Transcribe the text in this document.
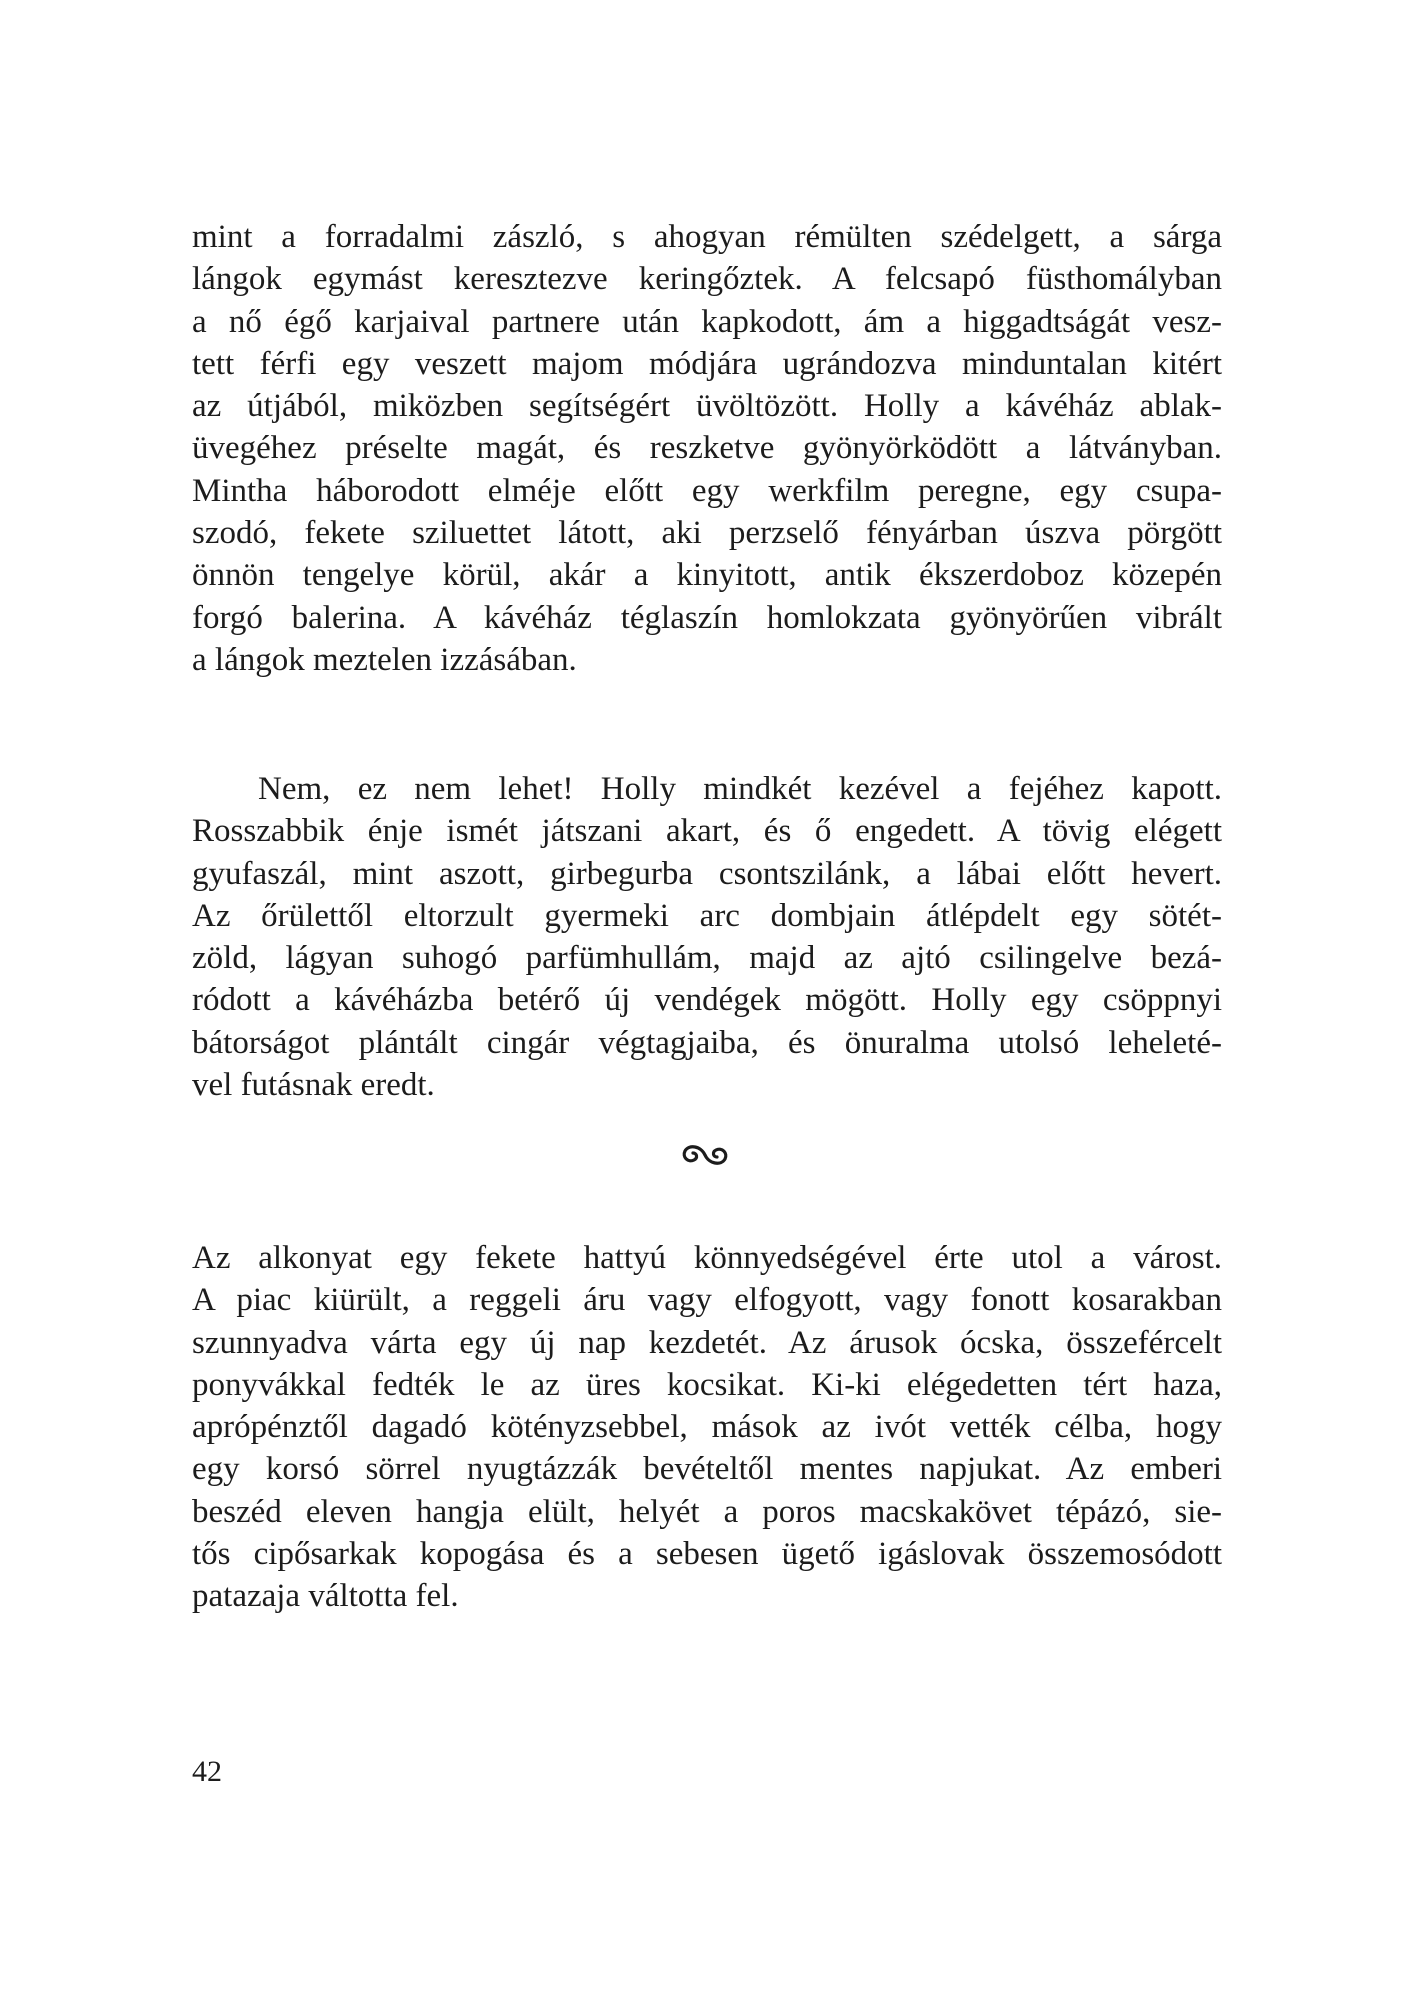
mint a forradalmi zászló, s ahogyan rémülten szédelgett, a sárga

lángok egymást keresztezve keringőztek. A felcsapó füsthomályban

a nő égő karjaival partnere után kapkodott, ám a higgadtságát vesz-

tett férfi egy veszett majom módjára ugrándozva minduntalan kitért

az útjából, miközben segítségért üvöltözött. Holly a kávéház ablak-

üvegéhez préselte magát, és reszketve gyönyörködött a látványban.

Mintha háborodott elméje előtt egy werkfilm peregne, egy csupa-

szodó, fekete sziluettet látott, aki perzselő fényárban úszva pörgött

önnön tengelye körül, akár a kinyitott, antik ékszerdoboz közepén

forgó balerina. A kávéház téglaszín homlokzata gyönyörűen vibrált

a lángok meztelen izzásában.

Nem, ez nem lehet! Holly mindkét kezével a fejéhez kapott.

Rosszabbik énje ismét játszani akart, és ő engedett. A tövig elégett

gyufaszál, mint aszott, girbegurba csontszilánk, a lábai előtt hevert.

Az őrülettől eltorzult gyermeki arc dombjain átlépdelt egy sötét-

zöld, lágyan suhogó parfümhullám, majd az ajtó csilingelve bezá-

ródott a kávéházba betérő új vendégek mögött. Holly egy csöppnyi

bátorságot plántált cingár végtagjaiba, és önuralma utolsó leheleté-

vel futásnak eredt.

Az alkonyat egy fekete hattyú könnyedségével érte utol a várost.

A piac kiürült, a reggeli áru vagy elfogyott, vagy fonott kosarakban

szunnyadva várta egy új nap kezdetét. Az árusok ócska, összefércelt

ponyvákkal fedték le az üres kocsikat. Ki-ki elégedetten tért haza,

aprópénztől dagadó kötényzsebbel, mások az ivót vették célba, hogy

egy korsó sörrel nyugtázzák bevételtől mentes napjukat. Az emberi

beszéd eleven hangja elült, helyét a poros macskakövet tépázó, sie-

tős cipősarkak kopogása és a sebesen ügető igáslovak összemosódott

patazaja váltotta fel.

42
